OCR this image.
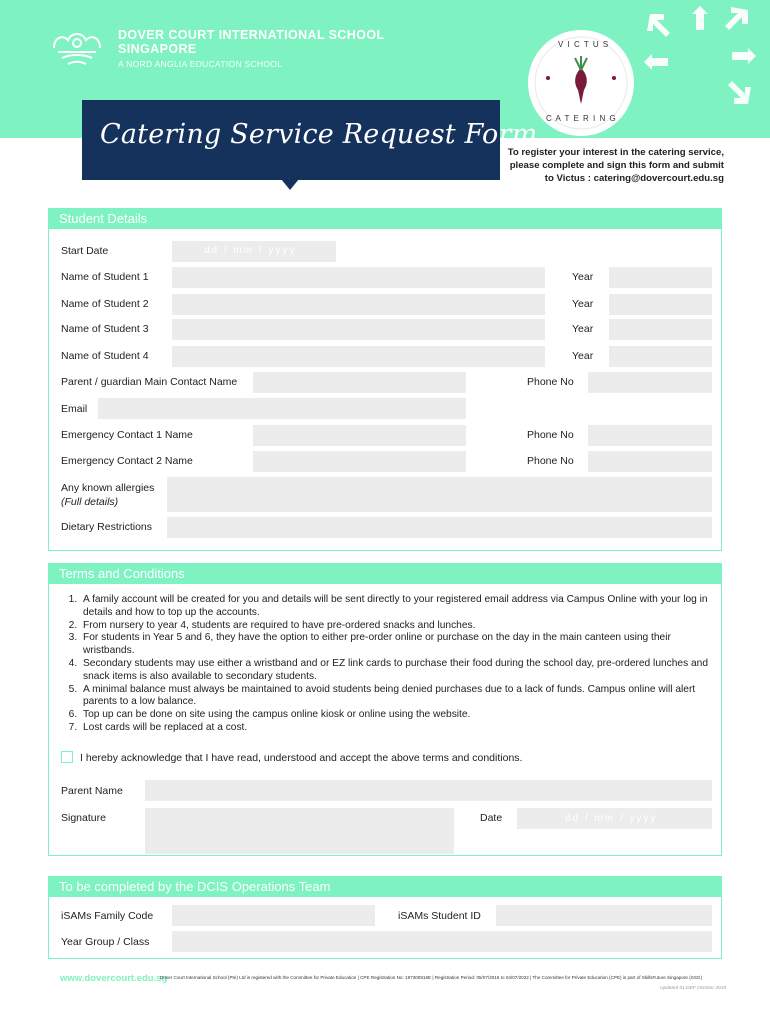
DOVER COURT INTERNATIONAL SCHOOL
SINGAPORE
A NORD ANGLIA EDUCATION SCHOOL
V I C T U S
C A T E R I N G
Catering Service Request Form
To register your interest in the catering service,
please complete and sign this form and submit
to Victus : catering@dovercourt.edu.sg
Student Details
Start Date	dd / mm / yyyy
Name of Student 1	Year
Name of Student 2	Year
Name of Student 3	Year
Name of Student 4	Year
Parent / guardian Main Contact Name	Phone No
Email
Emergency Contact 1 Name	Phone No
Emergency Contact 2 Name	Phone No
Any known allergies
(Full details)
Dietary Restrictions
Terms and Conditions
1. A family account will be created for you and details will be sent directly to your registered email address via Campus Online with your log in details and how to top up the accounts.
2. From nursery to year 4, students are required to have pre-ordered snacks and lunches.
3. For students in Year 5 and 6, they have the option to either pre-order online or purchase on the day in the main canteen using their wristbands.
4. Secondary students may use either a wristband and or EZ link cards to purchase their food during the school day, pre-ordered lunches and snack items is also available to secondary students.
5. A minimal balance must always be maintained to avoid students being denied purchases due to a lack of funds. Campus online will alert parents to a low balance.
6. Top up can be done on site using the campus online kiosk or online using the website.
7. Lost cards will be replaced at a cost.
I hereby acknowledge that I have read, understood and accept the above terms and conditions.
Parent Name
Signature	Date	dd / mm / yyyy
To be completed by the DCIS Operations Team
iSAMs Family Code	iSAMs Student ID
Year Group / Class
www.dovercourt.edu.sg
Dover Court International School (Pte) Ltd is registered with the Committee for Private Education | CPE Registration No: 197300916E | Registration Period: 05/07/2016 to 04/07/2022 | The Committee for Private Education (CPE) is part of SkillsFuture Singapore (SSG)
Updated 01:DEF October 2019
